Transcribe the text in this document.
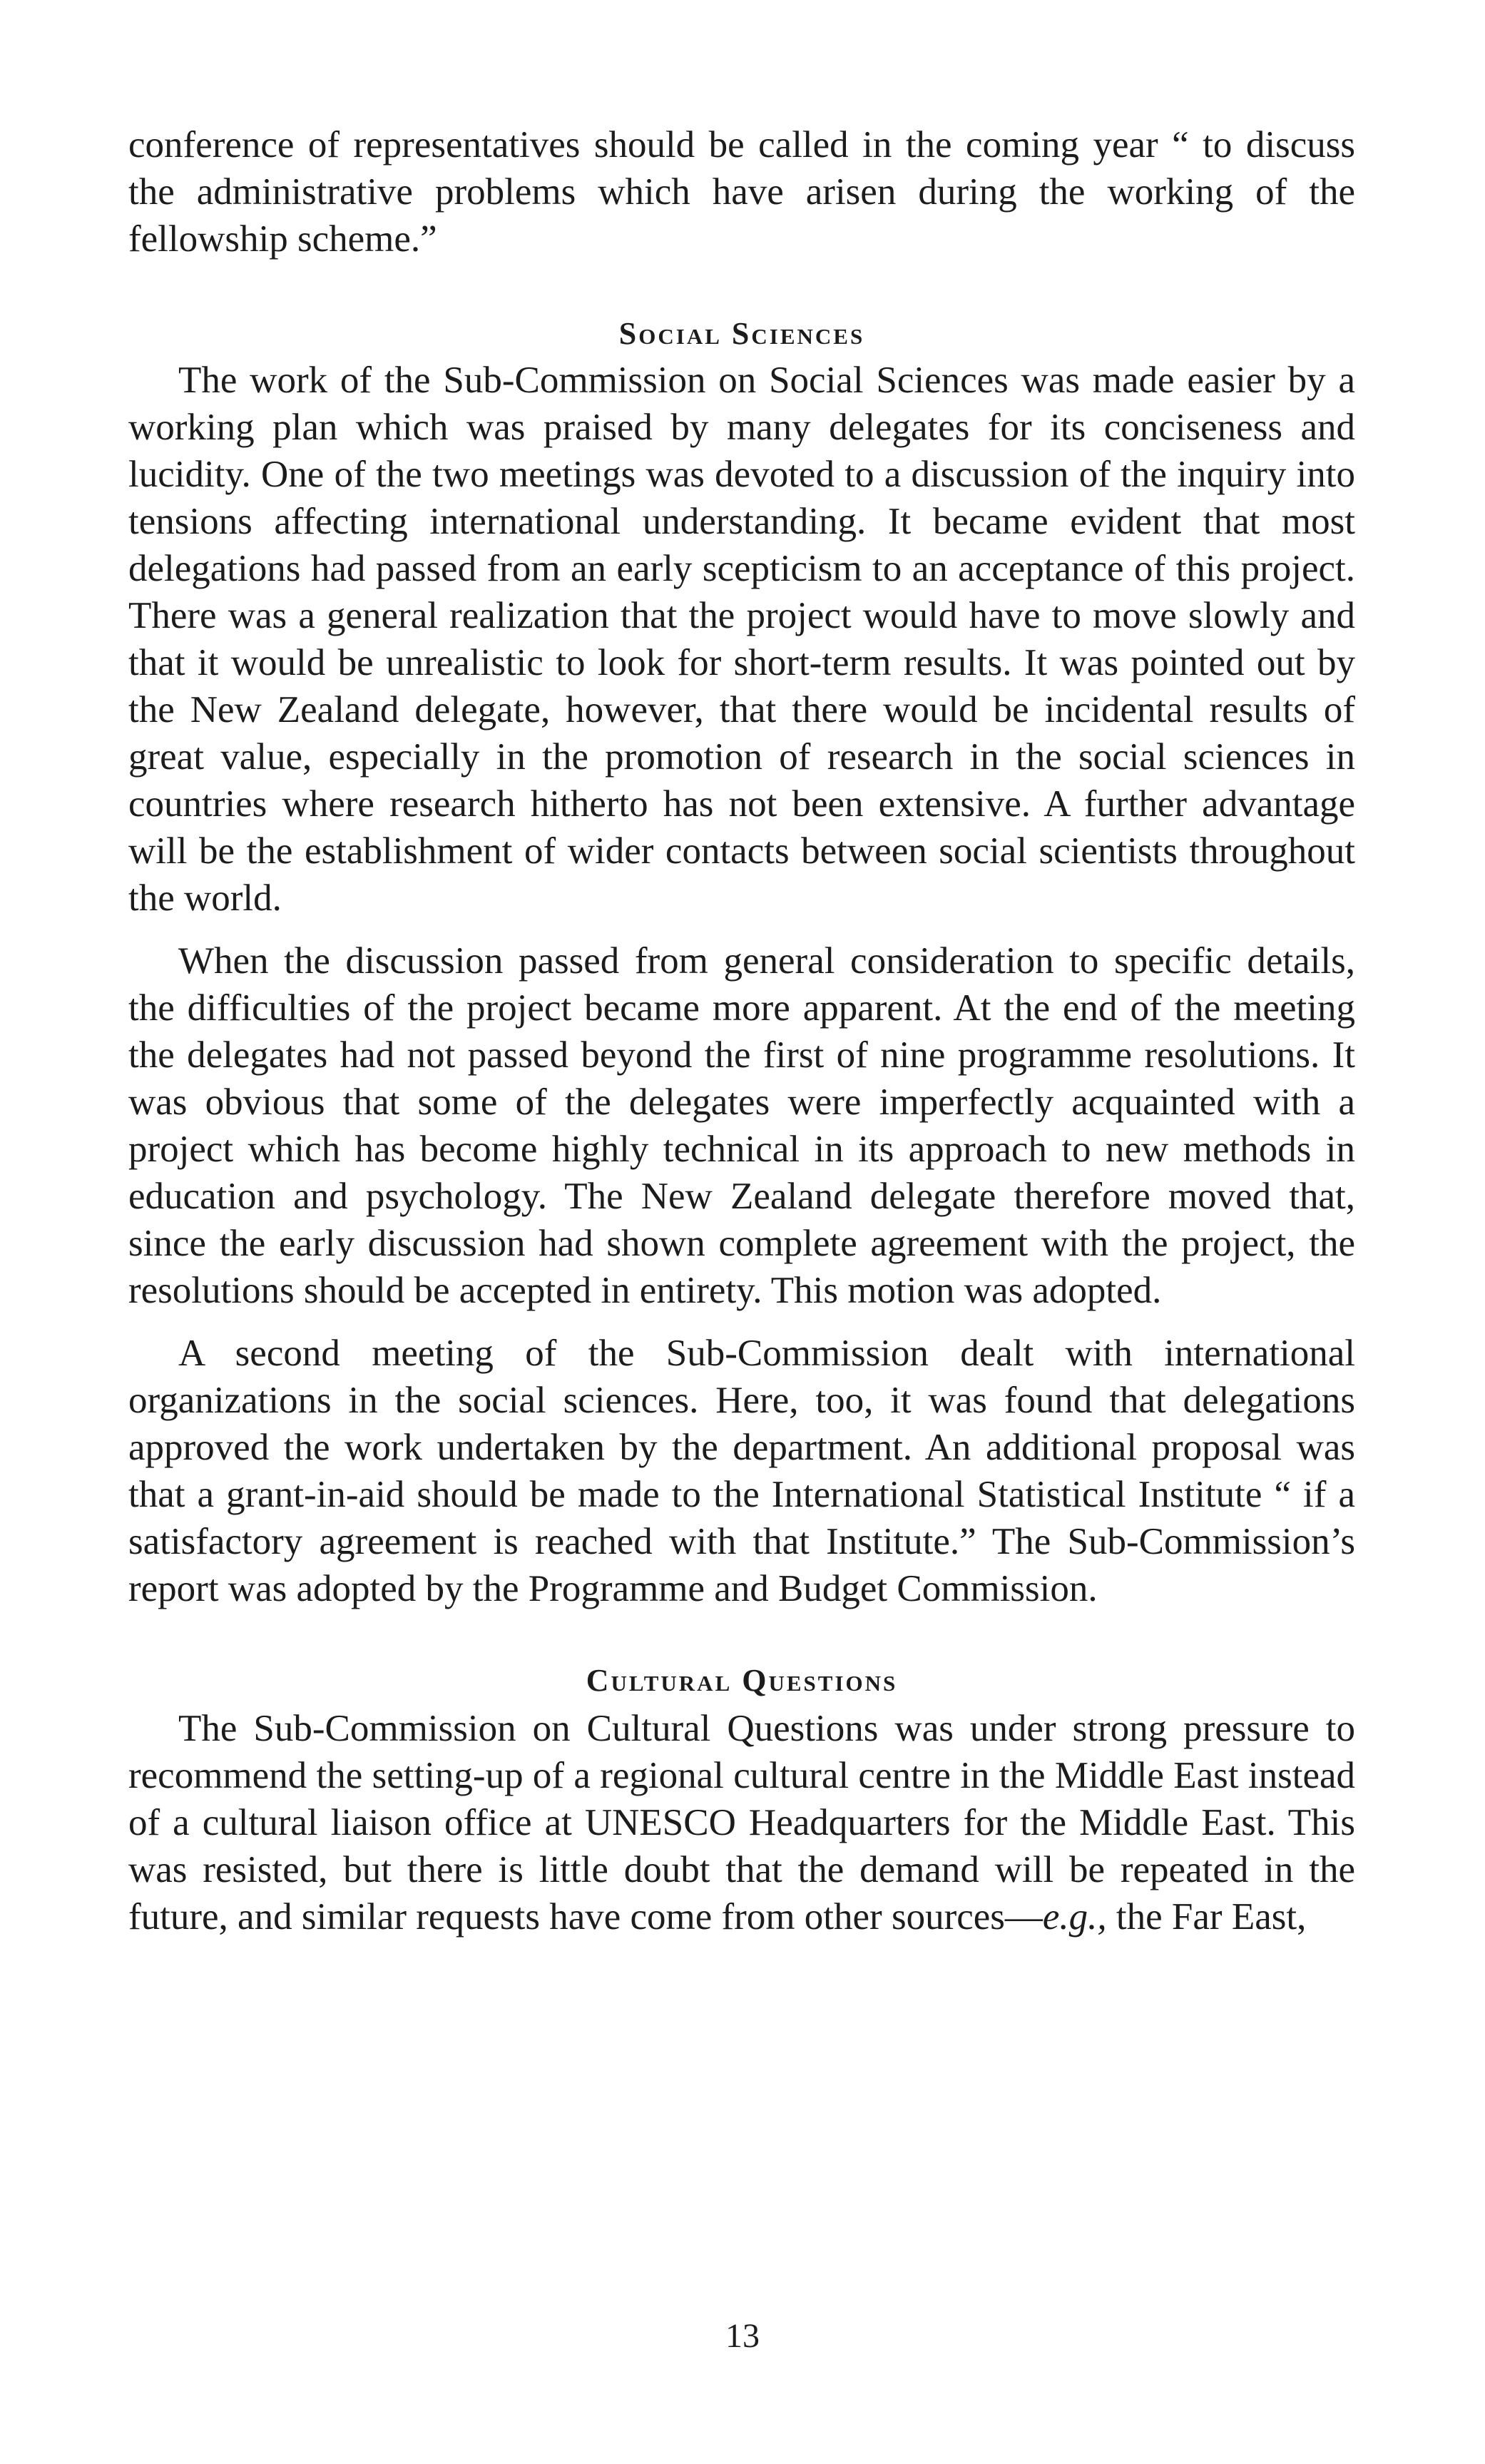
conference of representatives should be called in the coming year “ to discuss the administrative problems which have arisen during the working of the fellowship scheme.”

Social Sciences

The work of the Sub-Commission on Social Sciences was made easier by a working plan which was praised by many delegates for its conciseness and lucidity. One of the two meetings was devoted to a discussion of the inquiry into tensions affecting international understanding. It became evident that most delegations had passed from an early scepticism to an acceptance of this project. There was a general realization that the project would have to move slowly and that it would be unrealistic to look for short-term results. It was pointed out by the New Zealand delegate, however, that there would be incidental results of great value, especially in the promotion of research in the social sciences in countries where research hitherto has not been extensive. A further advantage will be the establishment of wider contacts between social scientists throughout the world.

When the discussion passed from general consideration to specific details, the difficulties of the project became more apparent. At the end of the meeting the delegates had not passed beyond the first of nine programme resolutions. It was obvious that some of the delegates were imperfectly acquainted with a project which has become highly technical in its approach to new methods in education and psychology. The New Zealand delegate therefore moved that, since the early discussion had shown complete agreement with the project, the resolutions should be accepted in entirety. This motion was adopted.

A second meeting of the Sub-Commission dealt with international organizations in the social sciences. Here, too, it was found that delegations approved the work undertaken by the department. An additional proposal was that a grant-in-aid should be made to the International Statistical Institute “ if a satisfactory agreement is reached with that Institute.” The Sub-Commission’s report was adopted by the Programme and Budget Commission.

Cultural Questions

The Sub-Commission on Cultural Questions was under strong pressure to recommend the setting-up of a regional cultural centre in the Middle East instead of a cultural liaison office at UNESCO Headquarters for the Middle East. This was resisted, but there is little doubt that the demand will be repeated in the future, and similar requests have come from other sources—e.g., the Far East,

13
